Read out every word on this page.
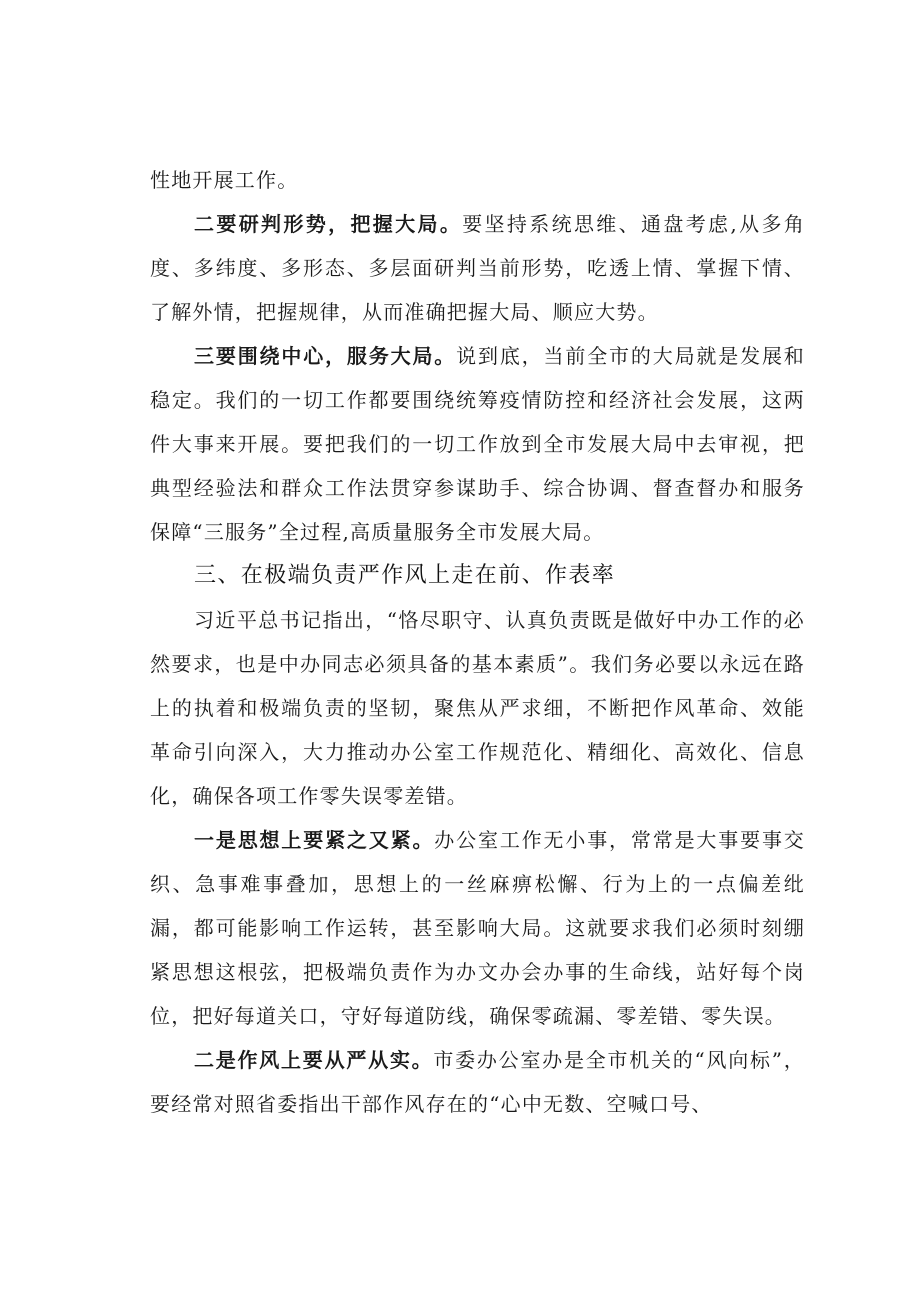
性地开展工作。

二要研判形势，把握大局。要坚持系统思维、通盘考虑,从多角度、多纬度、多形态、多层面研判当前形势，吃透上情、掌握下情、了解外情，把握规律，从而准确把握大局、顺应大势。

三要围绕中心，服务大局。说到底，当前全市的大局就是发展和稳定。我们的一切工作都要围绕统筹疫情防控和经济社会发展，这两件大事来开展。要把我们的一切工作放到全市发展大局中去审视，把典型经验法和群众工作法贯穿参谋助手、综合协调、督查督办和服务保障“三服务”全过程,高质量服务全市发展大局。

三、在极端负责严作风上走在前、作表率

习近平总书记指出，“恪尽职守、认真负责既是做好中办工作的必然要求，也是中办同志必须具备的基本素质”。我们务必要以永远在路上的执着和极端负责的坚韧，聚焦从严求细，不断把作风革命、效能革命引向深入，大力推动办公室工作规范化、精细化、高效化、信息化，确保各项工作零失误零差错。

一是思想上要紧之又紧。办公室工作无小事，常常是大事要事交织、急事难事叠加，思想上的一丝麻痹松懈、行为上的一点偏差纰漏，都可能影响工作运转，甚至影响大局。这就要求我们必须时刻绷紧思想这根弦，把极端负责作为办文办会办事的生命线，站好每个岗位，把好每道关口，守好每道防线，确保零疏漏、零差错、零失误。

二是作风上要从严从实。市委办公室办是全市机关的“风向标”，要经常对照省委指出干部作风存在的“心中无数、空喊口号、
